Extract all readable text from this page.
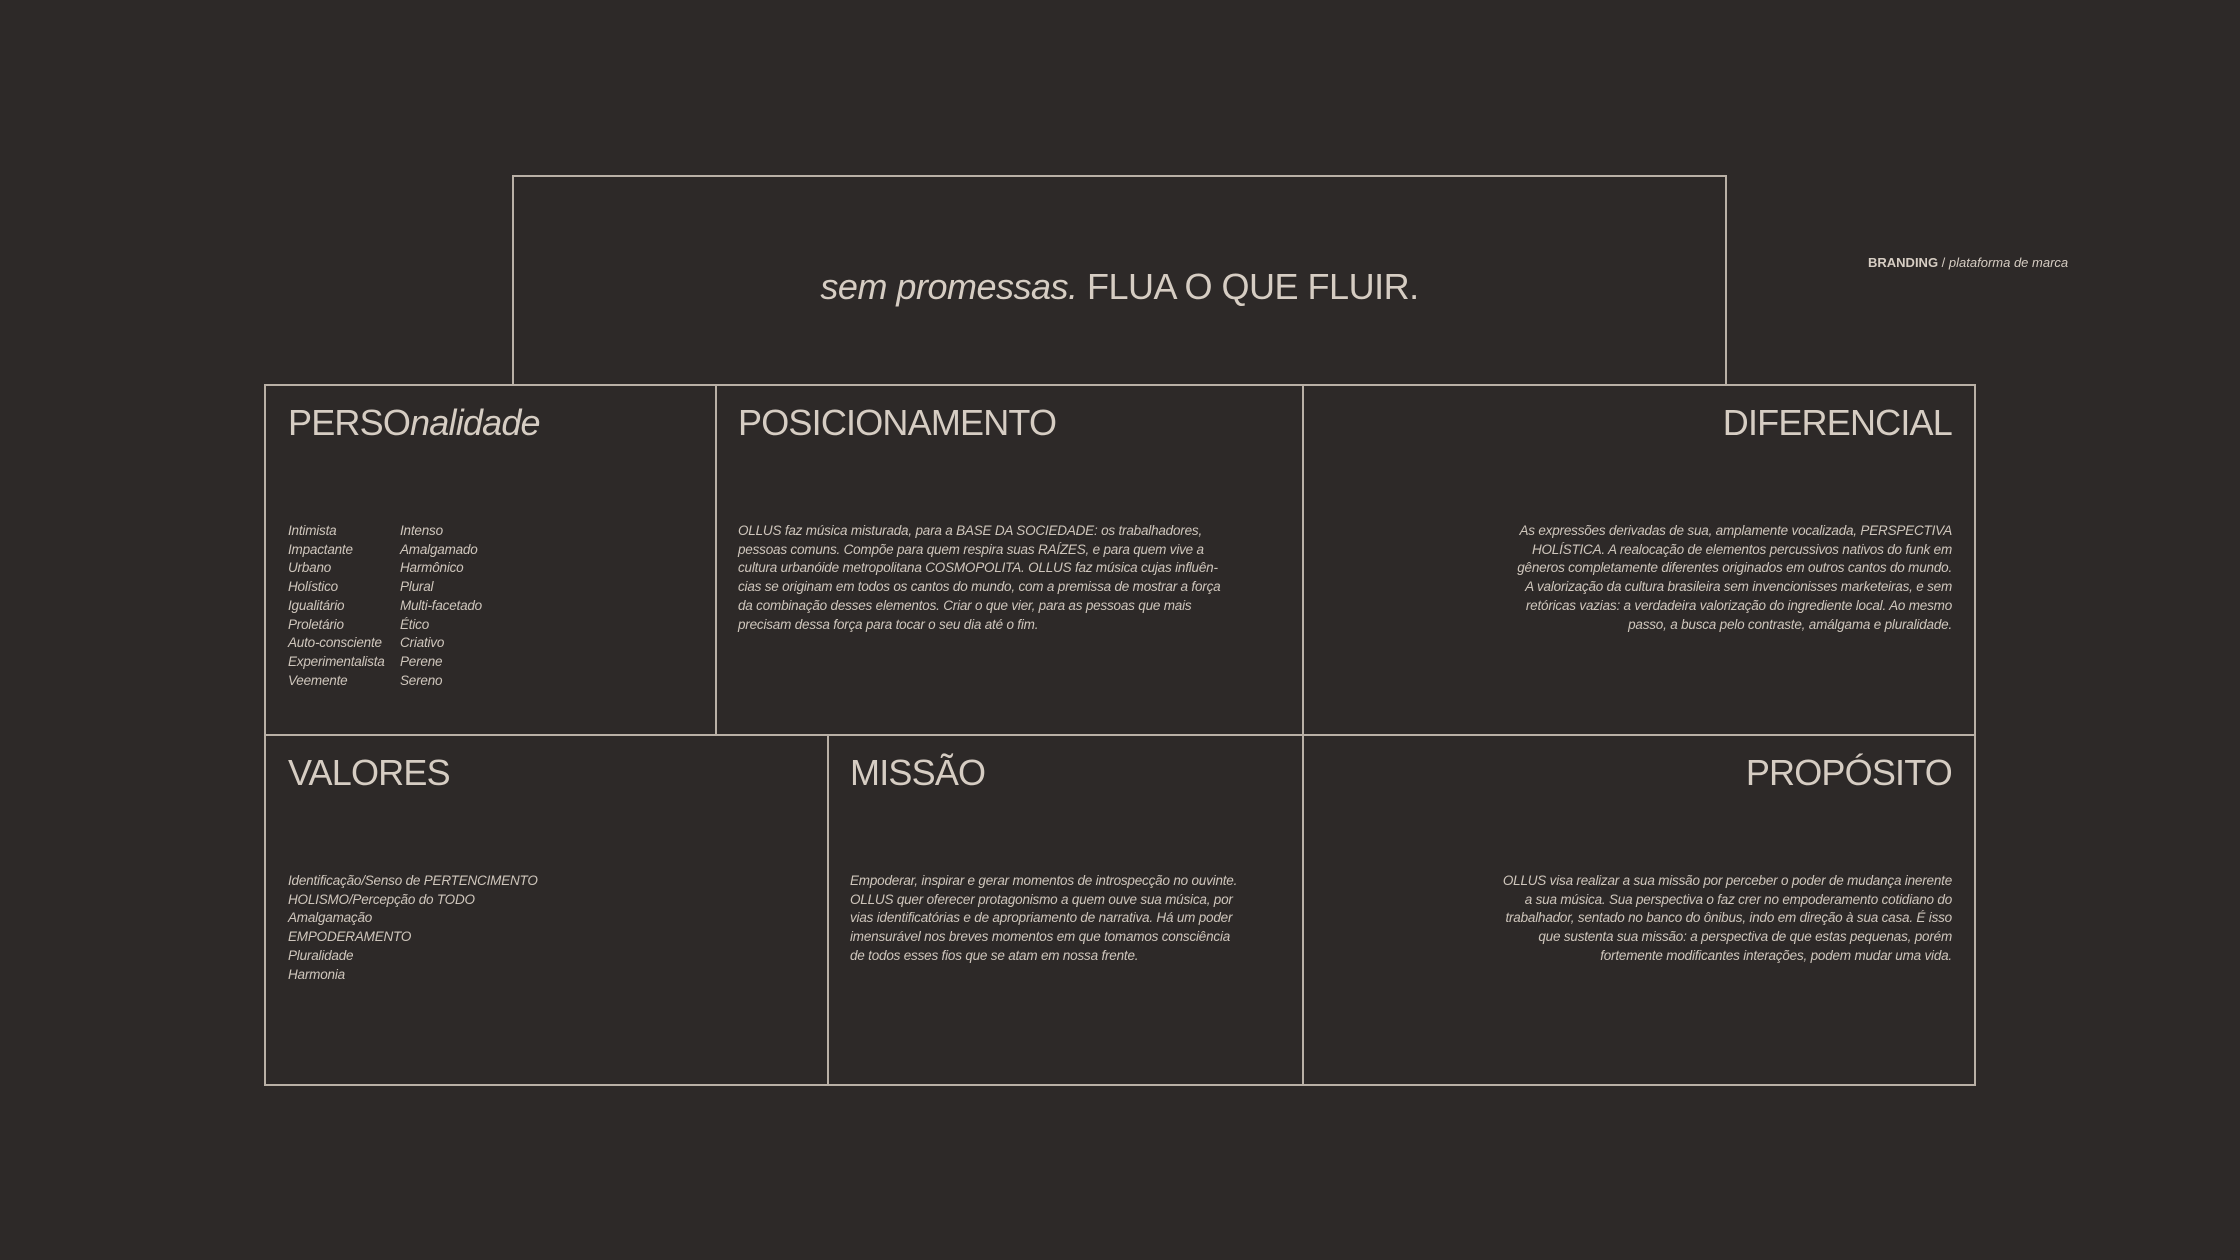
sem promessas. FLUA O QUE FLUIR.
BRANDING / plataforma de marca
PERSOnalidade
Intimista
Impactante
Urbano
Holístico
Igualitário
Proletário
Auto-consciente
Experimentalista
Veemente
Intenso
Amalgamado
Harmônico
Plural
Multi-facetado
Ético
Criativo
Perene
Sereno
POSICIONAMENTO

OLLUS faz música misturada, para a BASE DA SOCIEDADE: os trabalhadores,

pessoas comuns. Compõe para quem respira suas RAÍZES, e para quem vive a

cultura urbanóide metropolitana COSMOPOLITA. OLLUS faz música cujas influên-

cias se originam em todos os cantos do mundo, com a premissa de mostrar a força

da combinação desses elementos. Criar o que vier, para as pessoas que mais

precisam dessa força para tocar o seu dia até o fim.

DIFERENCIAL

As expressões derivadas de sua, amplamente vocalizada, PERSPECTIVA

HOLÍSTICA. A realocação de elementos percussivos nativos do funk em

gêneros completamente diferentes originados em outros cantos do mundo.

A valorização da cultura brasileira sem invencionisses marketeiras, e sem

retóricas vazias: a verdadeira valorização do ingrediente local. Ao mesmo

passo, a busca pelo contraste, amálgama e pluralidade.

VALORES

Identificação/Senso de PERTENCIMENTO

HOLISMO/Percepção do TODO

Amalgamação

EMPODERAMENTO

Pluralidade

Harmonia

MISSÃO

Empoderar, inspirar e gerar momentos de introspecção no ouvinte.

OLLUS quer oferecer protagonismo a quem ouve sua música, por

vias identificatórias e de apropriamento de narrativa. Há um poder

imensurável nos breves momentos em que tomamos consciência

de todos esses fios que se atam em nossa frente.

PROPÓSITO

OLLUS visa realizar a sua missão por perceber o poder de mudança inerente

a sua música. Sua perspectiva o faz crer no empoderamento cotidiano do

trabalhador, sentado no banco do ônibus, indo em direção à sua casa. É isso

que sustenta sua missão: a perspectiva de que estas pequenas, porém

fortemente modificantes interações, podem mudar uma vida.
